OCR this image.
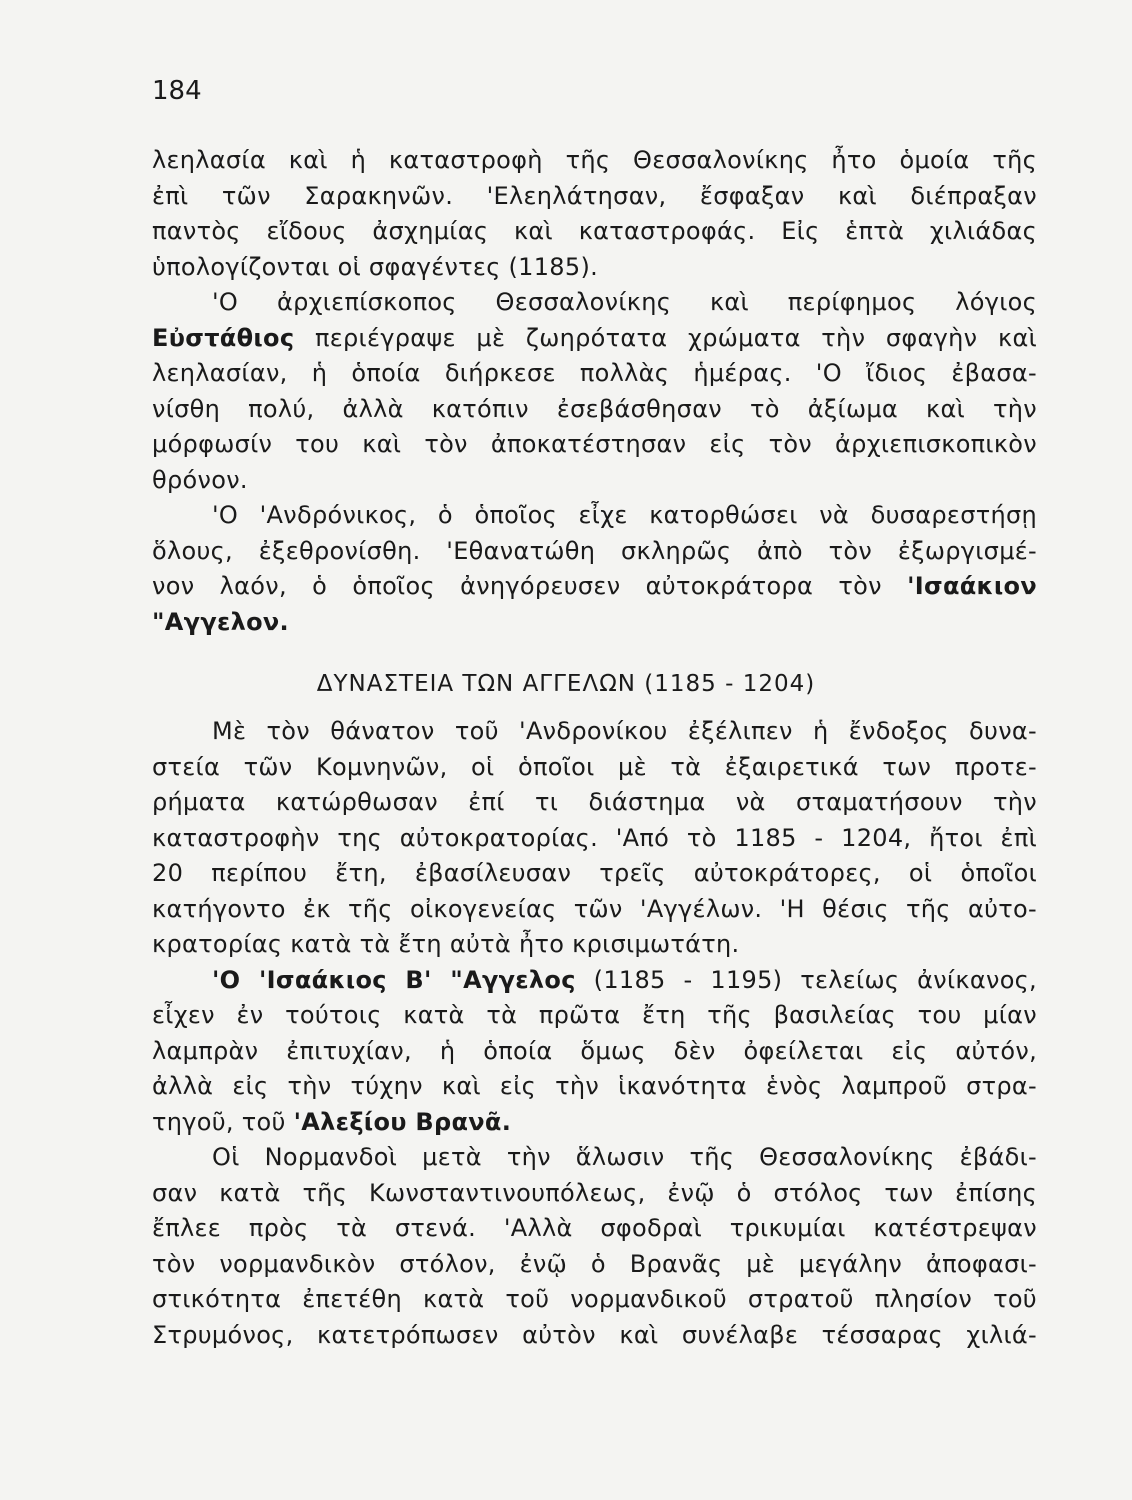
184
λεηλασία καὶ ἡ καταστροφὴ τῆς Θεσσαλονίκης ἦτο ὁμοία τῆς
ἐπὶ τῶν Σαρακηνῶν. 'Ελεηλάτησαν, ἔσφαξαν καὶ διέπραξαν
παντὸς εἴδους ἀσχημίας καὶ καταστροφάς. Εἰς ἑπτὰ χιλιάδας
ὑπολογίζονται οἱ σφαγέντες (1185).
'Ο ἀρχιεπίσκοπος Θεσσαλονίκης καὶ περίφημος λόγιος
Εὐστάθιος περιέγραψε μὲ ζωηρότατα χρώματα τὴν σφαγὴν καὶ
λεηλασίαν, ἡ ὁποία διήρκεσε πολλὰς ἡμέρας. 'Ο ἴδιος ἐβασα-
νίσθη πολύ, ἀλλὰ κατόπιν ἐσεβάσθησαν τὸ ἀξίωμα καὶ τὴν
μόρφωσίν του καὶ τὸν ἀποκατέστησαν εἰς τὸν ἀρχιεπισκοπικὸν
θρόνον.
'Ο 'Ανδρόνικος, ὁ ὁποῖος εἶχε κατορθώσει νὰ δυσαρεστήσῃ
ὅλους, ἐξεθρονίσθη. 'Εθανατώθη σκληρῶς ἀπὸ τὸν ἐξωργισμέ-
νον λαόν, ὁ ὁποῖος ἀνηγόρευσεν αὐτοκράτορα τὸν 'Ισαάκιον
"Αγγελον.
ΔΥΝΑΣΤΕΙΑ ΤΩΝ ΑΓΓΕΛΩΝ (1185 - 1204)
Μὲ τὸν θάνατον τοῦ 'Ανδρονίκου ἐξέλιπεν ἡ ἔνδοξος δυνα-
στεία τῶν Κομνηνῶν, οἱ ὁποῖοι μὲ τὰ ἐξαιρετικά των προτε-
ρήματα κατώρθωσαν ἐπί τι διάστημα νὰ σταματήσουν τὴν
καταστροφὴν της αὐτοκρατορίας. 'Από τὸ 1185 - 1204, ἤτοι ἐπὶ
20 περίπου ἔτη, ἐβασίλευσαν τρεῖς αὐτοκράτορες, οἱ ὁποῖοι
κατήγοντο ἐκ τῆς οἰκογενείας τῶν 'Αγγέλων. 'Η θέσις τῆς αὐτο-
κρατορίας κατὰ τὰ ἔτη αὐτὰ ἦτο κρισιμωτάτη.
'Ο 'Ισαάκιος Β' "Αγγελος (1185 - 1195) τελείως ἀνίκανος,
εἶχεν ἐν τούτοις κατὰ τὰ πρῶτα ἔτη τῆς βασιλείας του μίαν
λαμπρὰν ἐπιτυχίαν, ἡ ὁποία ὅμως δὲν ὀφείλεται εἰς αὐτόν,
ἀλλὰ εἰς τὴν τύχην καὶ εἰς τὴν ἱκανότητα ἑνὸς λαμπροῦ στρα-
τηγοῦ, τοῦ 'Αλεξίου Βρανᾶ.
Οἱ Νορμανδοὶ μετὰ τὴν ἅλωσιν τῆς Θεσσαλονίκης ἐβάδι-
σαν κατὰ τῆς Κωνσταντινουπόλεως, ἐνῷ ὁ στόλος των ἐπίσης
ἔπλεε πρὸς τὰ στενά. 'Αλλὰ σφοδραὶ τρικυμίαι κατέστρεψαν
τὸν νορμανδικὸν στόλον, ἐνῷ ὁ Βρανᾶς μὲ μεγάλην ἀποφασι-
στικότητα ἐπετέθη κατὰ τοῦ νορμανδικοῦ στρατοῦ πλησίον τοῦ
Στρυμόνος, κατετρόπωσεν αὐτὸν καὶ συνέλαβε τέσσαρας χιλιά-
